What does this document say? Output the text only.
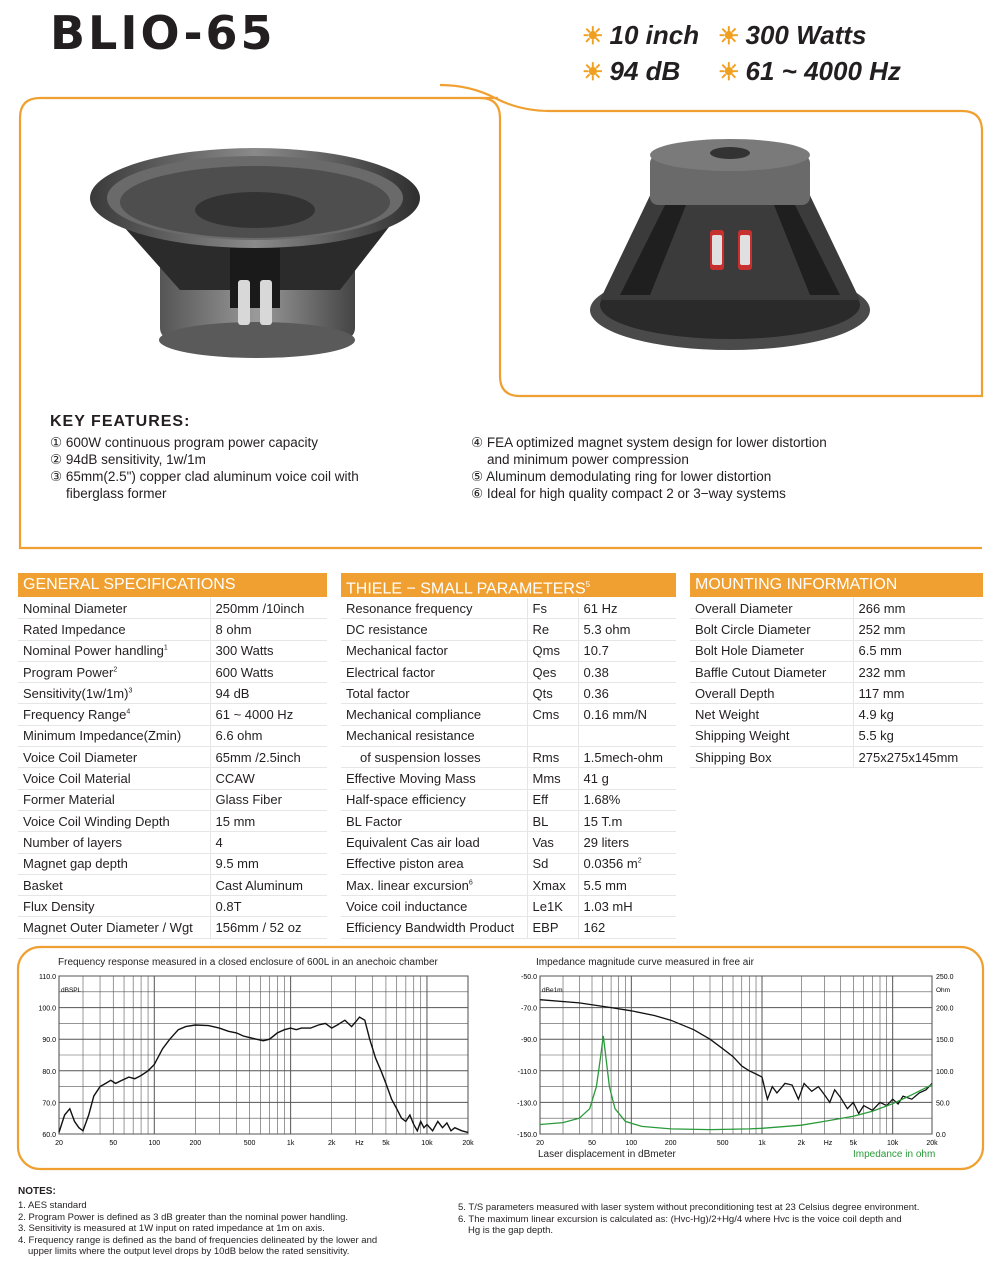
BLIO-65	☀ 10 inch ☀ 300 Watts
☀ 94 dB ☀ 61 ~ 4000 Hz
KEY FEATURES:
① 600W continuous program power capacity
② 94dB sensitivity, 1w/1m
③ 65mm(2.5") copper clad aluminum voice coil with
fiberglass former
④ FEA optimized magnet system design for lower distortion
and minimum power compression
⑤ Aluminum demodulating ring for lower distortion
⑥ Ideal for high quality compact 2 or 3−way systems
GENERAL SPECIFICATIONS	THIELE − SMALL PARAMETERS$^5$	MOUNTING INFORMATION
Nominal Diameter	250mm /10inch
Rated Impedance	8 ohm
Nominal Power handling$^1$	300 Watts
Program Power$^2$	600 Watts
$Sensitivity(1w/1m)^3$	94 dB
Frequency Range$^4$	61 ~ 4000 Hz
Minimum Impedance(Zmin)	6.6 ohm
Voice Coil Diameter	65mm /2.5inch
Voice Coil Material	CCAW
Former Material	Glass Fiber
Voice Coil Winding Depth	15 mm
Number of layers	4
Magnet gap depth	9.5 mm
Basket	Cast Aluminum
Flux Density	0.8T
Magnet Outer Diameter / Wgt	156mm / 52 oz
Resonance frequency	Fs	61 Hz
DC resistance	Re	5.3 ohm
Mechanical factor	Qms	10.7
Electrical factor	Qes	0.38
Total factor	Qts	0.36
Mechanical compliance	Cms	0.16 mm/N
Mechanical resistance		
of suspension losses	Rms	1.5mech-ohm
Effective Moving Mass	Mms	41 g
Half-space efficiency	Eff	1.68%
BL Factor	BL	15 T.m
Equivalent Cas air load	Vas	29 liters
Effective piston area	Sd	0.0356 $m^2$
Max. linear excursion$^6$	Xmax	5.5 mm
Voice coil inductance	Le1K	1.03 mH
Efficiency Bandwidth Product	EBP	162
Overall Diameter	266 mm
Bolt Circle Diameter	252 mm
Bolt Hole Diameter	6.5 mm
Baffle Cutout Diameter	232 mm
Overall Depth	117 mm
Net Weight	4.9 kg
Shipping Weight	5.5 kg
Shipping Box	275x275x145mm
Frequency response measured in a closed enclosure of 600L in an anechoic chamber
20	50	100	200	500	1k	2k	Hz	5k	10k	20k
110.0
100.0
90.0
80.0
70.0
60.0
dBSPL
Impedance magnitude curve measured in free air
20	50	100	200	500	1k	2k	Hz 5k	10k	20k
-50.0
-70.0
-90.0
-110.0
-130.0
-150.0
250.0
200.0
150.0
100.0
50.0
0.0
dBe1m	Ohm
Laser displacement in dBmeter	Impedance in ohm
NOTES:
1. AES standard
2. Program Power is defined as 3 dB greater than the nominal power handling.
3. Sensitivity is measured at 1W input on rated impedance at 1m on axis.
4. Frequency range is defined as the band of frequencies delineated by the lower and
upper limits where the output level drops by 10dB below the rated sensitivity.
5. T/S parameters measured with laser system without preconditioning test at 23 Celsius degree environment.
6. The maximum linear excursion is calculated as: (Hvc-Hg)/2+Hg/4 where Hvc is the voice coil depth and
Hg is the gap depth.
